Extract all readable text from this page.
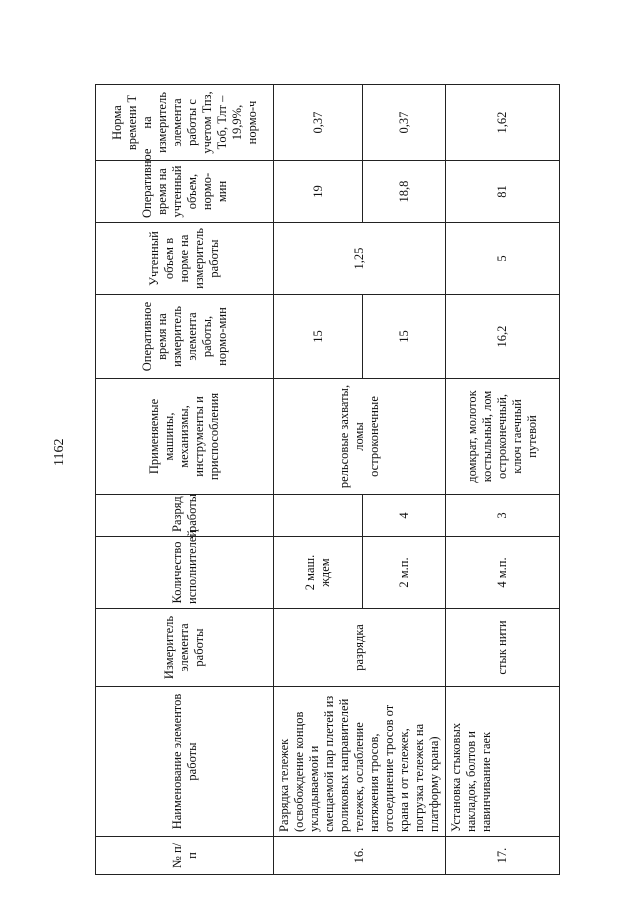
1162
№ п/п	Наименование элементов работы	Измеритель элемента работы	Количество исполнителей	Разряд работы	Применяемые машины, механизмы, инструменты и приспособления	Оперативное время на измеритель элемента работы, нормо-мин	Учтенный объем в норме на измеритель работы	Оперативное время на учтенный объем, нормо-мин	Норма времени Т на измеритель элемента работы с учетом Тпз, Тоб, Тлт – 19,9%, нормо-ч
16.	Разрядка тележек (освобождение концов укладываемой и смещаемой пар плетей из роликовых направителей тележек, ослабление натяжения тросов, отсоединение тросов от крана и от тележек, погрузка тележек на платформу крана)	разрядка	2 маш. ждем		рельсовые захваты, ломы остроконечные	15	1,25	19	0,37
			2 м.п.	4		15		18,8	0,37
17.	Установка стыковых накладок, болтов и навинчивание гаек	стык нити	4 м.п.	3	домкрат, молоток костыльный, лом остроконечный, ключ гаечный путевой	16,2	5	81	1,62
